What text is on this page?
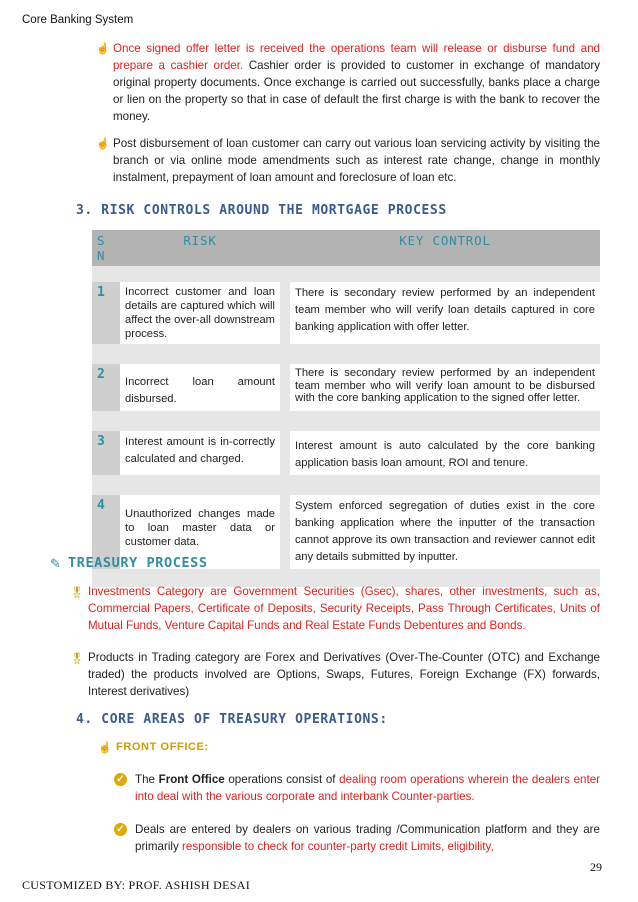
Core Banking System
☝ Once signed offer letter is received the operations team will release or disburse fund and prepare a cashier order. Cashier order is provided to customer in exchange of mandatory original property documents. Once exchange is carried out successfully, banks place a charge or lien on the property so that in case of default the first charge is with the bank to recover the money.
☝ Post disbursement of loan customer can carry out various loan servicing activity by visiting the branch or via online mode amendments such as interest rate change, change in monthly instalment, prepayment of loan amount and foreclosure of loan etc.
3. RISK CONTROLS AROUND THE MORTGAGE PROCESS
S N	RISK		KEY CONTROL

1	Incorrect customer and loan details are captured which will affect the over-all downstream process.		There is secondary review performed by an independent team member who will verify loan details captured in core banking application with offer letter.

2	Incorrect loan amount disbursed.		There is secondary review performed by an independent team member who will verify loan amount to be disbursed with the core banking application to the signed offer letter.

3	Interest amount is in-correctly calculated and charged.		Interest amount is auto calculated by the core banking application basis loan amount, ROI and tenure.

4	Unauthorized changes made to loan master data or customer data.		System enforced segregation of duties exist in the core banking application where the inputter of the transaction cannot approve its own transaction and reviewer cannot edit any details submitted by inputter.

✎ TREASURY PROCESS
🎖 Investments Category are Government Securities (Gsec), shares, other investments, such as, Commercial Papers, Certificate of Deposits, Security Receipts, Pass Through Certificates, Units of Mutual Funds, Venture Capital Funds and Real Estate Funds Debentures and Bonds.
🎖 Products in Trading category are Forex and Derivatives (Over-The-Counter (OTC) and Exchange traded) the products involved are Options, Swaps, Futures, Foreign Exchange (FX) forwards, Interest derivatives)
4. CORE AREAS OF TREASURY OPERATIONS:
☝ FRONT OFFICE:
✓ The Front Office operations consist of dealing room operations wherein the dealers enter into deal with the various corporate and interbank Counter-parties.
✓ Deals are entered by dealers on various trading /Communication platform and they are primarily responsible to check for counter-party credit Limits, eligibility,
29
CUSTOMIZED BY: PROF. ASHISH DESAI
